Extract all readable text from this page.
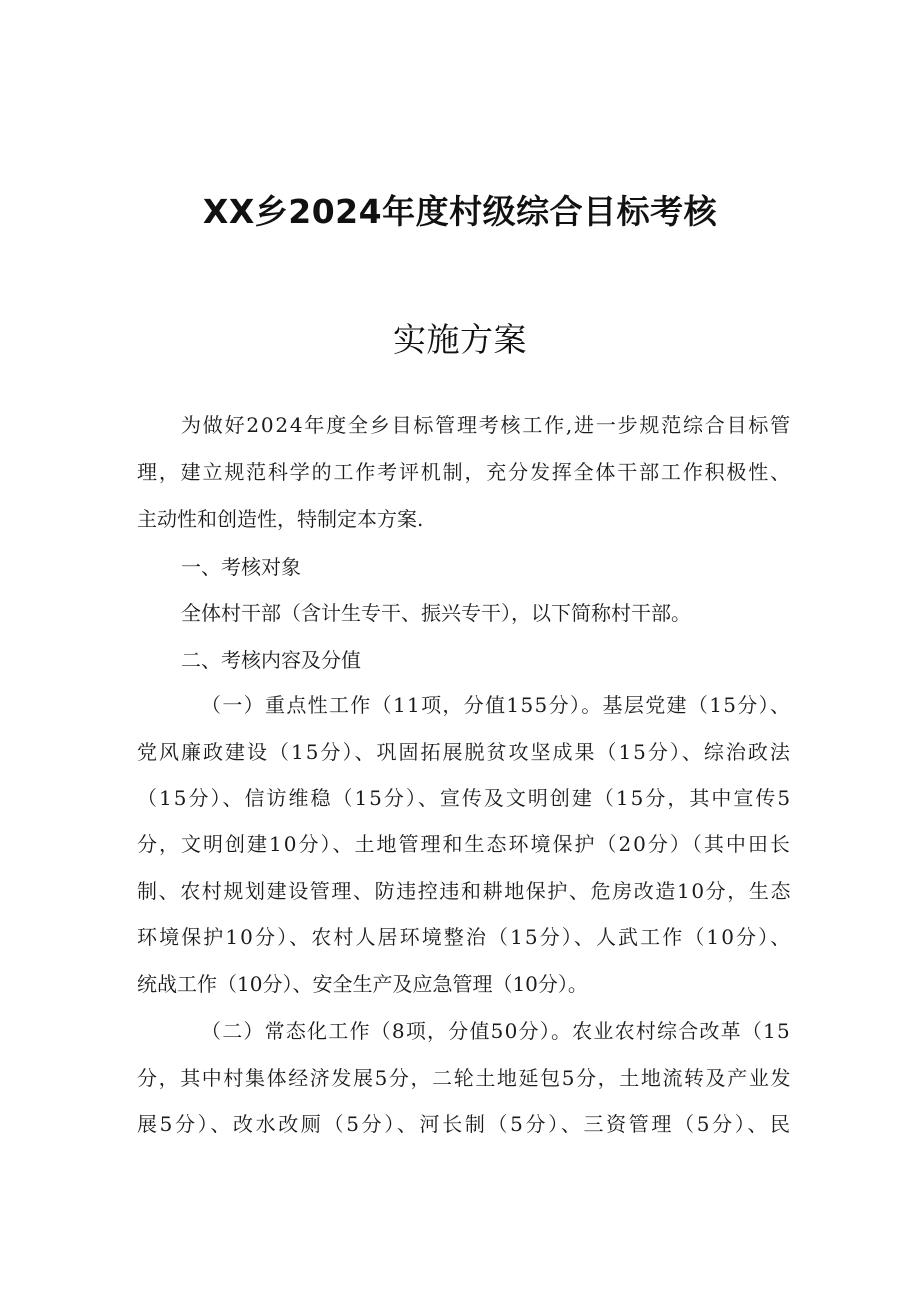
XX乡2024年度村级综合目标考核
实施方案
为做好2024年度全乡目标管理考核工作,进一步规范综合目标管
理，建立规范科学的工作考评机制，充分发挥全体干部工作积极性、
主动性和创造性，特制定本方案.
一、考核对象
全体村干部（含计生专干、振兴专干），以下简称村干部。
二、考核内容及分值
（一）重点性工作（11项，分值155分）。基层党建（15分）、
党风廉政建设（15分）、巩固拓展脱贫攻坚成果（15分）、综治政法
（15分）、信访维稳（15分）、宣传及文明创建（15分，其中宣传5
分，文明创建10分）、土地管理和生态环境保护（20分）（其中田长
制、农村规划建设管理、防违控违和耕地保护、危房改造10分，生态
环境保护10分）、农村人居环境整治（15分）、人武工作（10分）、
统战工作（10分）、安全生产及应急管理（10分）。
（二）常态化工作（8项，分值50分）。农业农村综合改革（15
分，其中村集体经济发展5分，二轮土地延包5分，土地流转及产业发
展5分）、改水改厕（5分）、河长制（5分）、三资管理（5分）、民
